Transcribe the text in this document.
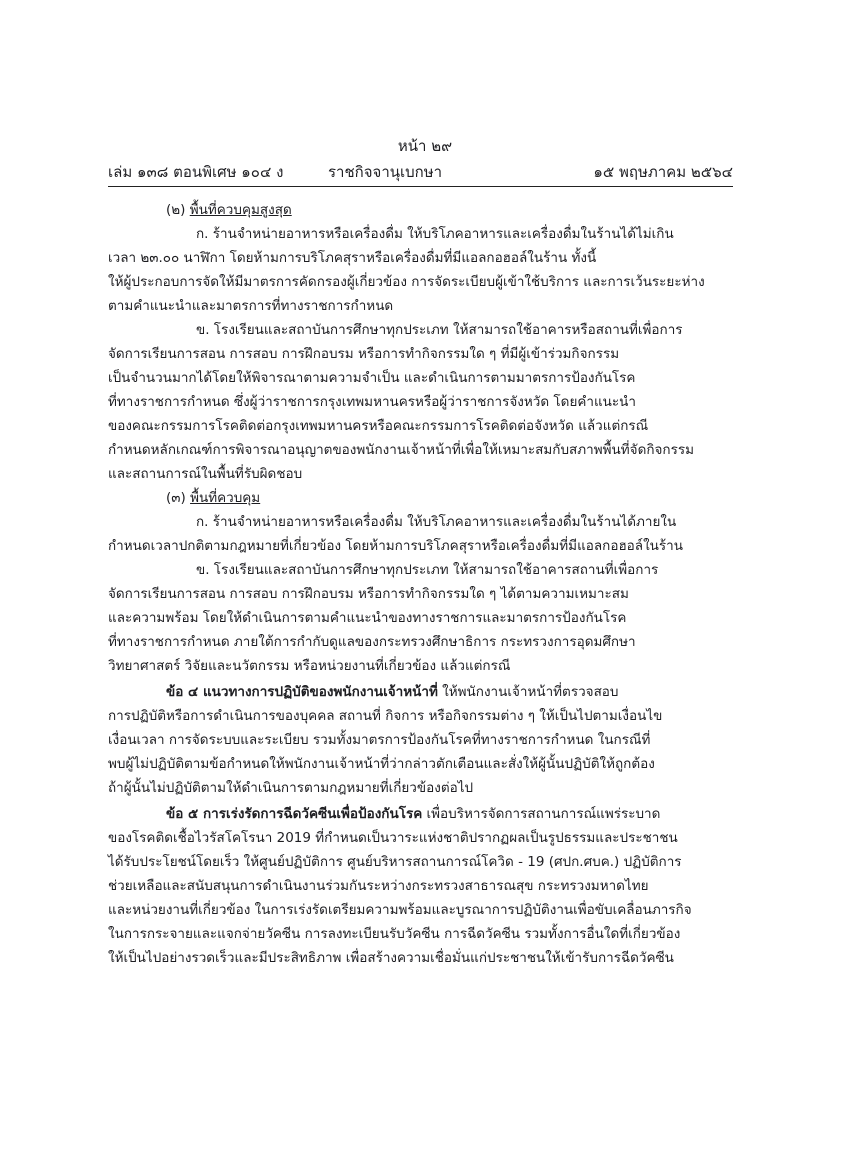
หน้า ๒๙
เล่ม ๑๓๘ ตอนพิเศษ ๑๐๔ ง	ราชกิจจานุเบกษา	๑๕ พฤษภาคม ๒๕๖๔
(๒) พื้นที่ควบคุมสูงสุด
ก. ร้านจำหน่ายอาหารหรือเครื่องดื่ม ให้บริโภคอาหารและเครื่องดื่มในร้านได้ไม่เกิน
เวลา ๒๓.๐๐ นาฬิกา โดยห้ามการบริโภคสุราหรือเครื่องดื่มที่มีแอลกอฮอล์ในร้าน ทั้งนี้
ให้ผู้ประกอบการจัดให้มีมาตรการคัดกรองผู้เกี่ยวข้อง การจัดระเบียบผู้เข้าใช้บริการ และการเว้นระยะห่าง
ตามคำแนะนำและมาตรการที่ทางราชการกำหนด
ข. โรงเรียนและสถาบันการศึกษาทุกประเภท ให้สามารถใช้อาคารหรือสถานที่เพื่อการ
จัดการเรียนการสอน การสอบ การฝึกอบรม หรือการทำกิจกรรมใด ๆ ที่มีผู้เข้าร่วมกิจกรรม
เป็นจำนวนมากได้โดยให้พิจารณาตามความจำเป็น และดำเนินการตามมาตรการป้องกันโรค
ที่ทางราชการกำหนด ซึ่งผู้ว่าราชการกรุงเทพมหานครหรือผู้ว่าราชการจังหวัด โดยคำแนะนำ
ของคณะกรรมการโรคติดต่อกรุงเทพมหานครหรือคณะกรรมการโรคติดต่อจังหวัด แล้วแต่กรณี
กำหนดหลักเกณฑ์การพิจารณาอนุญาตของพนักงานเจ้าหน้าที่เพื่อให้เหมาะสมกับสภาพพื้นที่จัดกิจกรรม
และสถานการณ์ในพื้นที่รับผิดชอบ
(๓) พื้นที่ควบคุม
ก. ร้านจำหน่ายอาหารหรือเครื่องดื่ม ให้บริโภคอาหารและเครื่องดื่มในร้านได้ภายใน
กำหนดเวลาปกติตามกฎหมายที่เกี่ยวข้อง โดยห้ามการบริโภคสุราหรือเครื่องดื่มที่มีแอลกอฮอล์ในร้าน
ข. โรงเรียนและสถาบันการศึกษาทุกประเภท ให้สามารถใช้อาคารสถานที่เพื่อการ
จัดการเรียนการสอน การสอบ การฝึกอบรม หรือการทำกิจกรรมใด ๆ ได้ตามความเหมาะสม
และความพร้อม โดยให้ดำเนินการตามคำแนะนำของทางราชการและมาตรการป้องกันโรค
ที่ทางราชการกำหนด ภายใต้การกำกับดูแลของกระทรวงศึกษาธิการ กระทรวงการอุดมศึกษา
วิทยาศาสตร์ วิจัยและนวัตกรรม หรือหน่วยงานที่เกี่ยวข้อง แล้วแต่กรณี
ข้อ ๔ แนวทางการปฏิบัติของพนักงานเจ้าหน้าที่ ให้พนักงานเจ้าหน้าที่ตรวจสอบ
การปฏิบัติหรือการดำเนินการของบุคคล สถานที่ กิจการ หรือกิจกรรมต่าง ๆ ให้เป็นไปตามเงื่อนไข
เงื่อนเวลา การจัดระบบและระเบียบ รวมทั้งมาตรการป้องกันโรคที่ทางราชการกำหนด ในกรณีที่
พบผู้ไม่ปฏิบัติตามข้อกำหนดให้พนักงานเจ้าหน้าที่ว่ากล่าวตักเตือนและสั่งให้ผู้นั้นปฏิบัติให้ถูกต้อง
ถ้าผู้นั้นไม่ปฏิบัติตามให้ดำเนินการตามกฎหมายที่เกี่ยวข้องต่อไป
ข้อ ๕ การเร่งรัดการฉีดวัคซีนเพื่อป้องกันโรค เพื่อบริหารจัดการสถานการณ์แพร่ระบาด
ของโรคติดเชื้อไวรัสโคโรนา 2019 ที่กำหนดเป็นวาระแห่งชาติปรากฏผลเป็นรูปธรรมและประชาชน
ได้รับประโยชน์โดยเร็ว ให้ศูนย์ปฏิบัติการ ศูนย์บริหารสถานการณ์โควิด - 19 (ศปก.ศบค.) ปฏิบัติการ
ช่วยเหลือและสนับสนุนการดำเนินงานร่วมกันระหว่างกระทรวงสาธารณสุข กระทรวงมหาดไทย
และหน่วยงานที่เกี่ยวข้อง ในการเร่งรัดเตรียมความพร้อมและบูรณาการปฏิบัติงานเพื่อขับเคลื่อนภารกิจ
ในการกระจายและแจกจ่ายวัคซีน การลงทะเบียนรับวัคซีน การฉีดวัคซีน รวมทั้งการอื่นใดที่เกี่ยวข้อง
ให้เป็นไปอย่างรวดเร็วและมีประสิทธิภาพ เพื่อสร้างความเชื่อมั่นแก่ประชาชนให้เข้ารับการฉีดวัคซีน
